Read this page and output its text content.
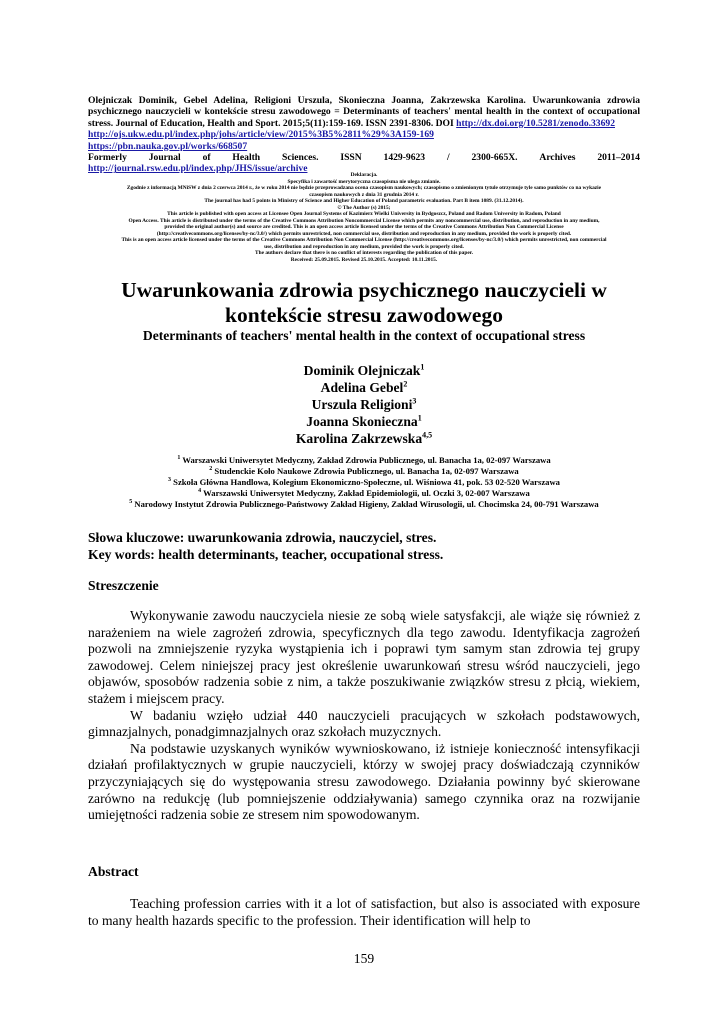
Olejniczak Dominik, Gebel Adelina, Religioni Urszula, Skonieczna Joanna, Zakrzewska Karolina. Uwarunkowania zdrowia psychicznego nauczycieli w kontekście stresu zawodowego = Determinants of teachers' mental health in the context of occupational stress. Journal of Education, Health and Sport. 2015;5(11):159-169. ISSN 2391-8306. DOI http://dx.doi.org/10.5281/zenodo.33692
http://ojs.ukw.edu.pl/index.php/johs/article/view/2015%3B5%2811%29%3A159-169
https://pbn.nauka.gov.pl/works/668507
Formerly Journal of Health Sciences. ISSN 1429-9623 / 2300-665X. Archives 2011–2014
http://journal.rsw.edu.pl/index.php/JHS/issue/archive
Deklaracja.
Specyfika i zawartość merytoryczna czasopisma nie ulega zmianie.
Zgodnie z informacją MNiSW z dnia 2 czerwca 2014 r., że w roku 2014 nie będzie przeprowadzana ocena czasopism naukowych; czasopismo o zmienionym tytule otrzymuje tyle samo punktów co na wykazie
czasopism naukowych z dnia 31 grudnia 2014 r.
The journal has had 5 points in Ministry of Science and Higher Education of Poland parametric evaluation. Part B item 1089. (31.12.2014).
© The Author (s) 2015;
This article is published with open access at Licensee Open Journal Systems of Kazimierz Wielki University in Bydgoszcz, Poland and Radom University in Radom, Poland
Open Access. This article is distributed under the terms of the Creative Commons Attribution Noncommercial License which permits any noncommercial use, distribution, and reproduction in any medium,
provided the original author(s) and source are credited. This is an open access article licensed under the terms of the Creative Commons Attribution Non Commercial License
(http://creativecommons.org/licenses/by-nc/3.0/) which permits unrestricted, non commercial use, distribution and reproduction in any medium, provided the work is properly cited.
This is an open access article licensed under the terms of the Creative Commons Attribution Non Commercial License (http://creativecommons.org/licenses/by-nc/3.0/) which permits unrestricted, non commercial
use, distribution and reproduction in any medium, provided the work is properly cited.
The authors declare that there is no conflict of interests regarding the publication of this paper.
Received: 25.09.2015. Revised 25.10.2015. Accepted: 10.11.2015.
Uwarunkowania zdrowia psychicznego nauczycieli w
kontekście stresu zawodowego
Determinants of teachers' mental health in the context of occupational stress
Dominik Olejniczak$^1$
Adelina Gebel$^2$
Urszula Religioni$^3$
Joanna Skonieczna$^1$
Karolina Zakrzewska$^{4,5}$
$^1$ Warszawski Uniwersytet Medyczny, Zakład Zdrowia Publicznego, ul. Banacha 1a, 02-097 Warszawa
$^2$ Studenckie Koło Naukowe Zdrowia Publicznego, ul. Banacha 1a, 02-097 Warszawa
$^3$ Szkoła Główna Handlowa, Kolegium Ekonomiczno-Społeczne, ul. Wiśniowa 41, pok. 53 02-520 Warszawa
$^4$ Warszawski Uniwersytet Medyczny, Zakład Epidemiologii, ul. Oczki 3, 02-007 Warszawa
$^5$ Narodowy Instytut Zdrowia Publicznego-Państwowy Zakład Higieny, Zakład Wirusologii, ul. Chocimska 24, 00-791 Warszawa
Słowa kluczowe: uwarunkowania zdrowia, nauczyciel, stres.
Key words: health determinants, teacher, occupational stress.
Streszczenie

Wykonywanie zawodu nauczyciela niesie ze sobą wiele satysfakcji, ale wiąże się również z narażeniem na wiele zagrożeń zdrowia, specyficznych dla tego zawodu. Identyfikacja zagrożeń pozwoli na zmniejszenie ryzyka wystąpienia ich i poprawi tym samym stan zdrowia tej grupy zawodowej. Celem niniejszej pracy jest określenie uwarunkowań stresu wśród nauczycieli, jego objawów, sposobów radzenia sobie z nim, a także poszukiwanie związków stresu z płcią, wiekiem, stażem i miejscem pracy.

W badaniu wzięło udział 440 nauczycieli pracujących w szkołach podstawowych, gimnazjalnych, ponadgimnazjalnych oraz szkołach muzycznych.

Na podstawie uzyskanych wyników wywnioskowano, iż istnieje konieczność intensyfikacji działań profilaktycznych w grupie nauczycieli, którzy w swojej pracy doświadczają czynników przyczyniających się do występowania stresu zawodowego. Działania powinny być skierowane zarówno na redukcję (lub pomniejszenie oddziaływania) samego czynnika oraz na rozwijanie umiejętności radzenia sobie ze stresem nim spowodowanym.

Abstract

Teaching profession carries with it a lot of satisfaction, but also is associated with exposure to many health hazards specific to the profession. Their identification will help to

159
